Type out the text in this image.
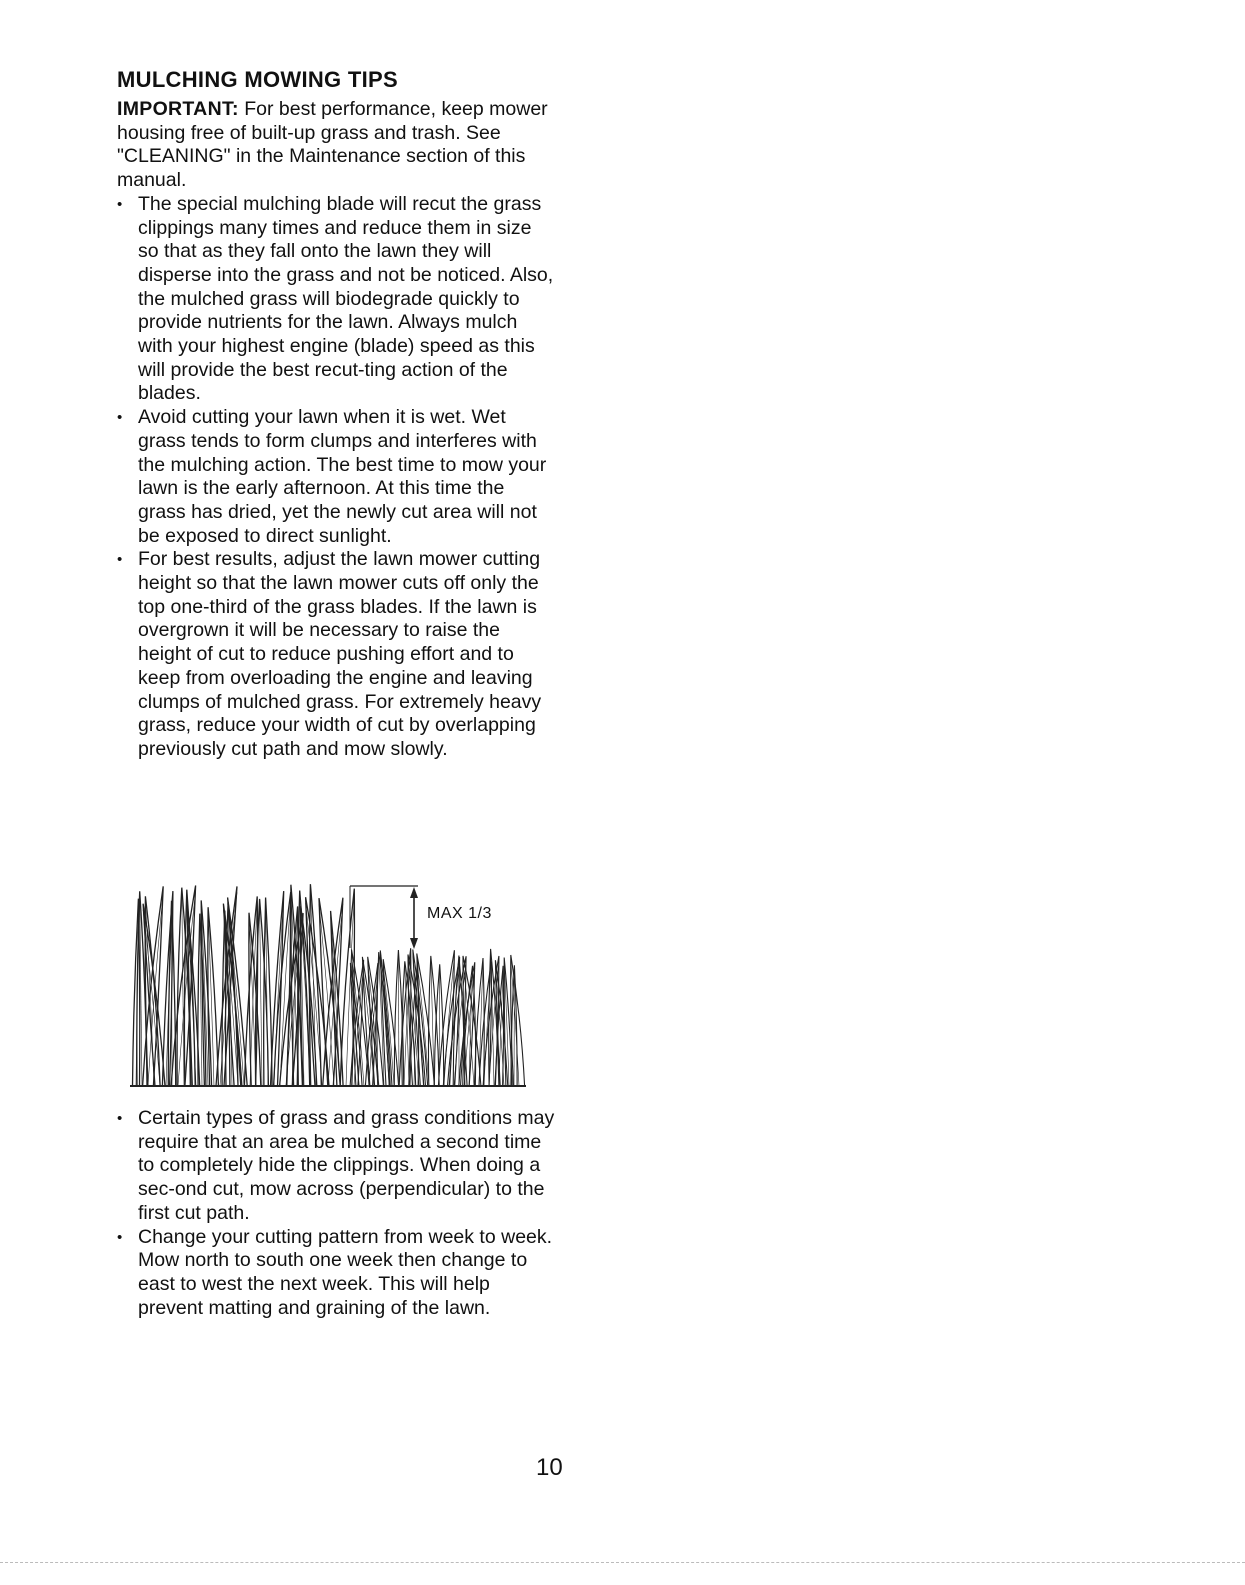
MULCHING MOWING TIPS

IMPORTANT: For best performance, keep mower housing free of built-up grass and trash. See "CLEANING" in the Maintenance section of this manual.

• The special mulching blade will recut the grass clippings many times and reduce them in size so that as they fall onto the lawn they will disperse into the grass and not be noticed. Also, the mulched grass will biodegrade quickly to provide nutrients for the lawn. Always mulch with your highest engine (blade) speed as this will provide the best recut-ting action of the blades.
• Avoid cutting your lawn when it is wet. Wet grass tends to form clumps and interferes with the mulching action. The best time to mow your lawn is the early afternoon. At this time the grass has dried, yet the newly cut area will not be exposed to direct sunlight.
• For best results, adjust the lawn mower cutting height so that the lawn mower cuts off only the top one-third of the grass blades. If the lawn is overgrown it will be necessary to raise the height of cut to reduce pushing effort and to keep from overloading the engine and leaving clumps of mulched grass. For extremely heavy grass, reduce your width of cut by overlapping previously cut path and mow slowly.
MAX 1/3
• Certain types of grass and grass conditions may require that an area be mulched a second time to completely hide the clippings. When doing a sec-ond cut, mow across (perpendicular) to the first cut path.
• Change your cutting pattern from week to week. Mow north to south one week then change to east to west the next week. This will help prevent matting and graining of the lawn.
10
